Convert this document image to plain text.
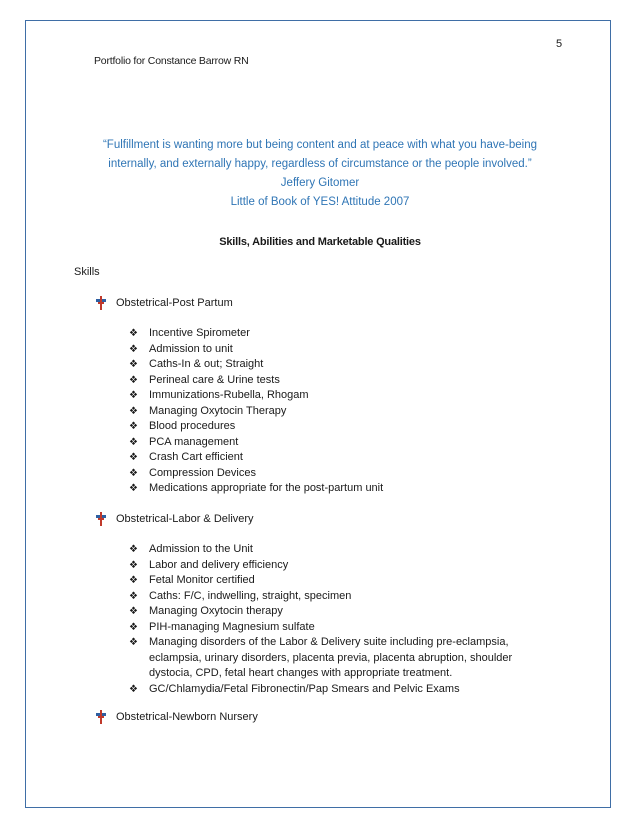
5
Portfolio for Constance Barrow RN

“Fulfillment is wanting more but being content and at peace with what you have-being

internally, and externally happy, regardless of circumstance or the people involved.”

Jeffery Gitomer

Little of Book of YES! Attitude 2007

Skills, Abilities and Marketable Qualities
Skills
Obstetrical-Post Partum
❖ Incentive Spirometer
❖ Admission to unit
❖ Caths-In & out; Straight
❖ Perineal care & Urine tests
❖ Immunizations-Rubella, Rhogam
❖ Managing Oxytocin Therapy
❖ Blood procedures
❖ PCA management
❖ Crash Cart efficient
❖ Compression Devices
❖ Medications appropriate for the post-partum unit
Obstetrical-Labor & Delivery
❖ Admission to the Unit
❖ Labor and delivery efficiency
❖ Fetal Monitor certified
❖ Caths: F/C, indwelling, straight, specimen
❖ Managing Oxytocin therapy
❖ PIH-managing Magnesium sulfate
❖ Managing disorders of the Labor & Delivery suite including pre-eclampsia, eclampsia, urinary disorders, placenta previa, placenta abruption, shoulder dystocia, CPD, fetal heart changes with appropriate treatment.
❖ GC/Chlamydia/Fetal Fibronectin/Pap Smears and Pelvic Exams
Obstetrical-Newborn Nursery
